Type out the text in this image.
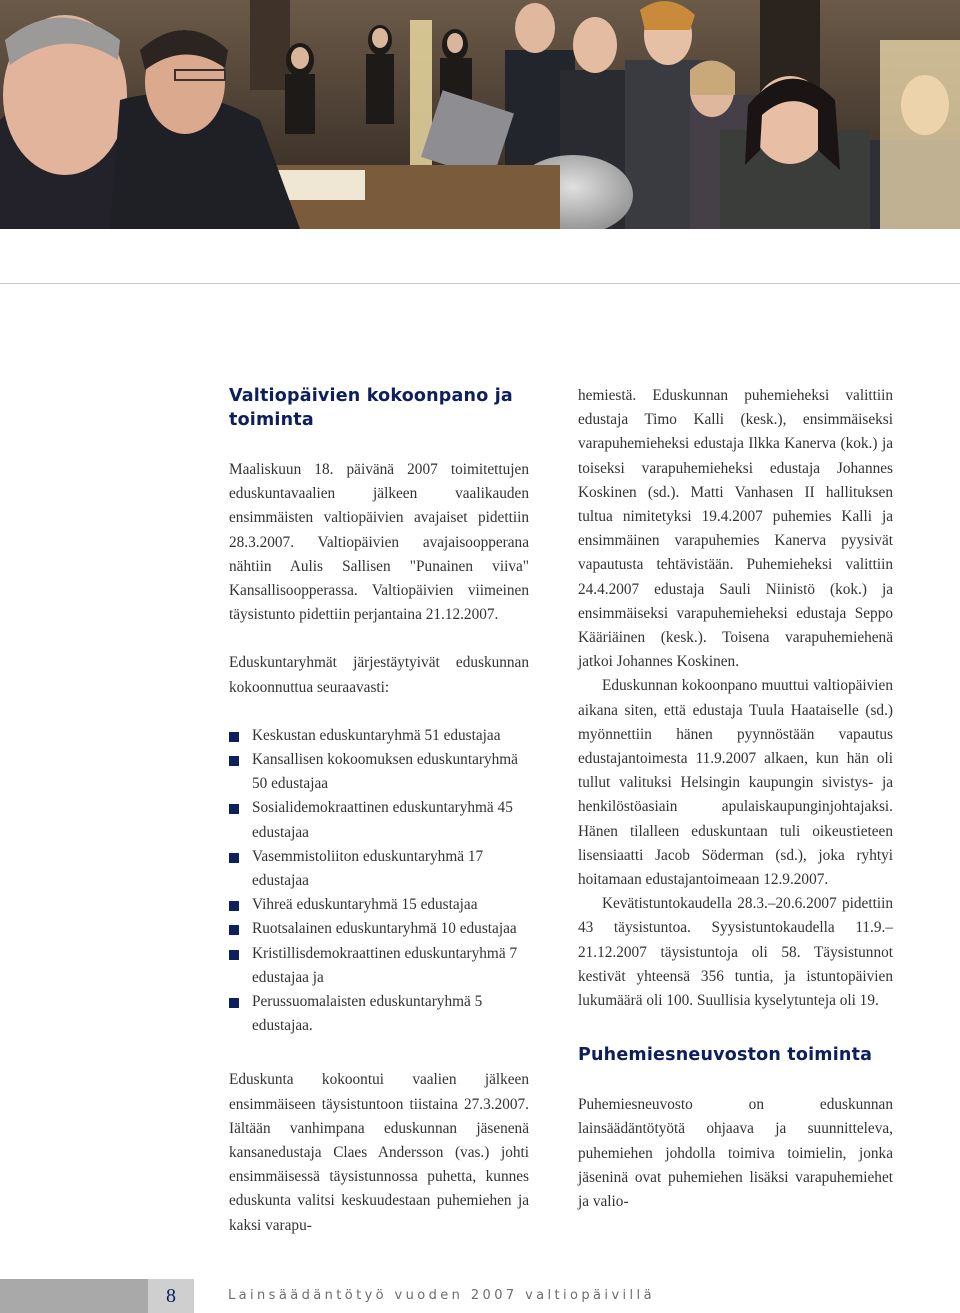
Valtiopäivien kokoonpano ja toiminta

Maaliskuun 18. päivänä 2007 toimitettujen eduskuntavaalien jälkeen vaalikauden ensimmäisten valtiopäivien avajaiset pidettiin 28.3.2007. Valtiopäivien avajaisoopperana nähtiin Aulis Sallisen "Punainen viiva" Kansallisoopperassa. Valtiopäivien viimeinen täysistunto pidettiin perjantaina 21.12.2007.

Eduskuntaryhmät järjestäytyivät eduskunnan kokoonnuttua seuraavasti:

Keskustan eduskuntaryhmä 51 edustajaa
Kansallisen kokoomuksen eduskuntaryhmä 50 edustajaa
Sosialidemokraattinen eduskuntaryhmä 45 edustajaa
Vasemmistoliiton eduskuntaryhmä 17 edustajaa
Vihreä eduskuntaryhmä 15 edustajaa
Ruotsalainen eduskuntaryhmä 10 edustajaa
Kristillisdemokraattinen eduskuntaryhmä 7 edustajaa ja
Perussuomalaisten eduskuntaryhmä 5 edustajaa.

Eduskunta kokoontui vaalien jälkeen ensimmäiseen täysistuntoon tiistaina 27.3.2007. Iältään vanhimpana eduskunnan jäsenenä kansanedustaja Claes Andersson (vas.) johti ensimmäisessä täysistunnossa puhetta, kunnes eduskunta valitsi keskuudestaan puhemiehen ja kaksi varapu-

hemiestä. Eduskunnan puhemieheksi valittiin edustaja Timo Kalli (kesk.), ensimmäiseksi varapuhemieheksi edustaja Ilkka Kanerva (kok.) ja toiseksi varapuhemieheksi edustaja Johannes Koskinen (sd.). Matti Vanhasen II hallituksen tultua nimitetyksi 19.4.2007 puhemies Kalli ja ensimmäinen varapuhemies Kanerva pyysivät vapautusta tehtävistään. Puhemieheksi valittiin 24.4.2007 edustaja Sauli Niinistö (kok.) ja ensimmäiseksi varapuhemieheksi edustaja Seppo Kääriäinen (kesk.). Toisena varapuhemiehenä jatkoi Johannes Koskinen.

Eduskunnan kokoonpano muuttui valtiopäivien aikana siten, että edustaja Tuula Haataiselle (sd.) myönnettiin hänen pyynnöstään vapautus edustajantoimesta 11.9.2007 alkaen, kun hän oli tullut valituksi Helsingin kaupungin sivistys- ja henkilöstöasiain apulaiskaupunginjohtajaksi. Hänen tilalleen eduskuntaan tuli oikeustieteen lisensiaatti Jacob Söderman (sd.), joka ryhtyi hoitamaan edustajantoimeaan 12.9.2007.

Kevätistuntokaudella 28.3.–20.6.2007 pidettiin 43 täysistuntoa. Syysistuntokaudella 11.9.–21.12.2007 täysistuntoja oli 58. Täysistunnot kestivät yhteensä 356 tuntia, ja istuntopäivien lukumäärä oli 100. Suullisia kyselytunteja oli 19.

Puhemiesneuvoston toiminta

Puhemiesneuvosto on eduskunnan lainsäädäntötyötä ohjaava ja suunnitteleva, puhemiehen johdolla toimiva toimielin, jonka jäseninä ovat puhemiehen lisäksi varapuhemiehet ja valio-

8	Lainsäädäntötyö vuoden 2007 valtiopäivillä
